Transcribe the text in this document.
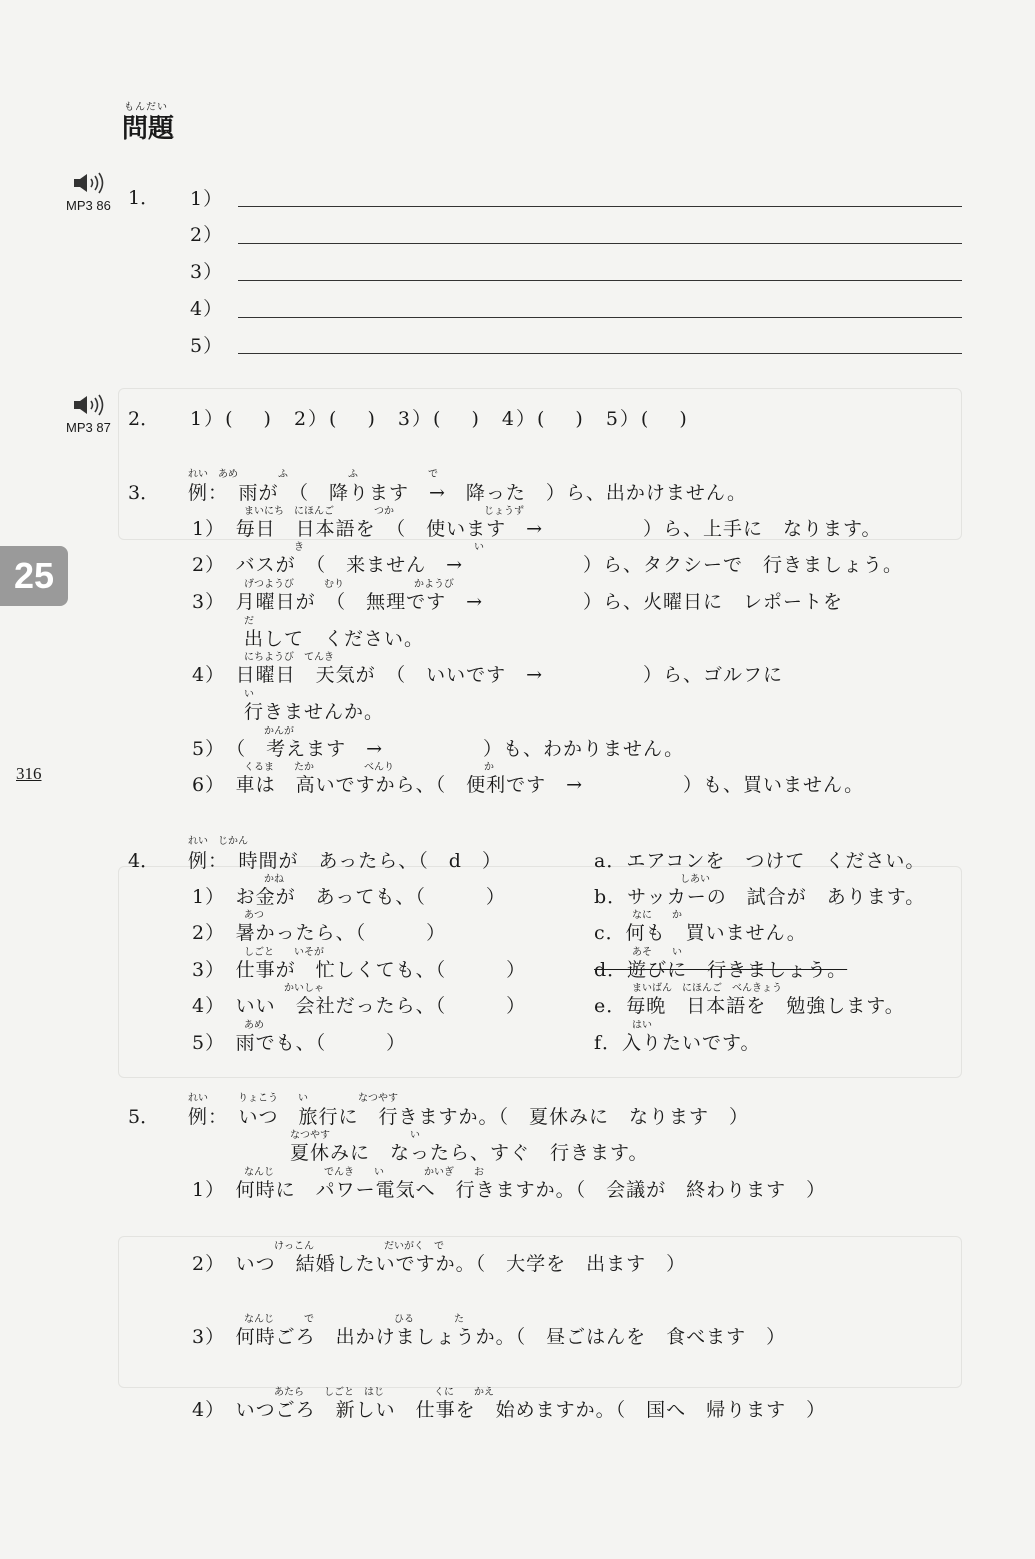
もんだい
問題
25
316
MP3 86 1． 1）
2）
3）
4）
5）
MP3 87 2． 1）(　 )　2）(　 )　3）(　 )　4）(　 )　5）(　 )
3．
れい　あめ　　　　ふ　　　　　　ふ　　　　　　　で
例：　雨が　（　降ります　→　降った　）ら、出かけません。
まいにち　にほんご　　　　つか　　　　　　　　　じょうず
1）　毎日　日本語を　（　使います　→　　　　　）ら、上手に　なります。
　　　　　き　　　　　　　　　　　　　　　　　い
2）　バスが　（　来ません　→　　　　　　）ら、タクシーで　行きましょう。
げつようび　　　むり　　　　　　　かようび
3）　月曜日が　（　無理です　→　　　　　）ら、火曜日に　レポートを
だ
出して　ください。
にちようび　てんき
4）　日曜日　天気が　（　いいです　→　　　　　）ら、ゴルフに
い
行きませんか。
　　かんが
5）　（　考えます　→　　　　　）も、わかりません。
くるま　　たか　　　　　べんり　　　　　　　　　か
6）　車は　高いですから、（　便利です　→　　　　　）も、買いません。
4．
れい　じかん
例：　時間が　あったら、（　d　）
　　かね
1）　お金が　あっても、（　　　）
あつ
2）　暑かったら、（　　　）
しごと　　いそが
3）　仕事が　忙しくても、（　　　）
　　　　かいしゃ
4）　いい　会社だったら、（　　　）
あめ
5）　雨でも、（　　　）
a．エアコンを　つけて　ください。
　　　　　　しあい
b．サッカーの　試合が　あります。
なに　　か
c．何も　買いません。
あそ　　い
d．遊びに　行きましょう。
まいばん　にほんご　べんきょう
e．毎晩　日本語を　勉強します。
はい
f．入りたいです。
5．
れい　　　りょこう　　い　　　　　なつやす
例：　いつ　旅行に　行きますか。（　夏休みに　なります　）
なつやす　　　　　　　　い
夏休みに　なったら、すぐ　行きます。
なんじ　　　　　でんき　　い　　　　かいぎ　　お
1）　何時に　パワー電気へ　行きますか。（　会議が　終わります　）
　　　けっこん　　　　　　　だいがく　で
2）　いつ　結婚したいですか。（　大学を　出ます　）
なんじ　　　で　　　　　　　　ひる　　　　た
3）　何時ごろ　出かけましょうか。（　昼ごはんを　食べます　）
　　　あたら　　しごと　はじ　　　　　くに　　かえ
4）　いつごろ　新しい　仕事を　始めますか。（　国へ　帰ります　）
